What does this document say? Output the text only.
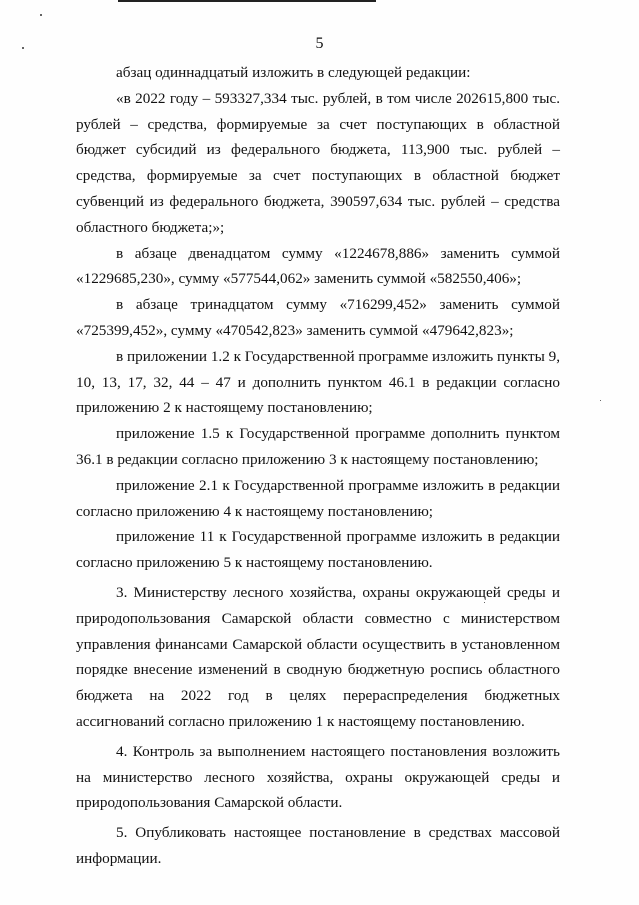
5

абзац одиннадцатый изложить в следующей редакции:

«в 2022 году – 593327,334 тыс. рублей, в том числе 202615,800 тыс. рублей – средства, формируемые за счет поступающих в областной бюджет субсидий из федерального бюджета, 113,900 тыс. рублей – средства, формируемые за счет поступающих в областной бюджет субвенций из федерального бюджета, 390597,634 тыс. рублей – средства областного бюджета;»;

в абзаце двенадцатом сумму «1224678,886» заменить суммой «1229685,230», сумму «577544,062» заменить суммой «582550,406»;

в абзаце тринадцатом сумму «716299,452» заменить суммой «725399,452», сумму «470542,823» заменить суммой «479642,823»;

в приложении 1.2 к Государственной программе изложить пункты 9, 10, 13, 17, 32, 44 – 47 и дополнить пунктом 46.1 в редакции согласно приложению 2 к настоящему постановлению;

приложение 1.5 к Государственной программе дополнить пунктом 36.1 в редакции согласно приложению 3 к настоящему постановлению;

приложение 2.1 к Государственной программе изложить в редакции согласно приложению 4 к настоящему постановлению;

приложение 11 к Государственной программе изложить в редакции согласно приложению 5 к настоящему постановлению.

3. Министерству лесного хозяйства, охраны окружающей среды и природопользования Самарской области совместно с министерством управления финансами Самарской области осуществить в установленном порядке внесение изменений в сводную бюджетную роспись областного бюджета на 2022 год в целях перераспределения бюджетных ассигнований согласно приложению 1 к настоящему постановлению.

4. Контроль за выполнением настоящего постановления возложить на министерство лесного хозяйства, охраны окружающей среды и природопользования Самарской области.

5. Опубликовать настоящее постановление в средствах массовой информации.
